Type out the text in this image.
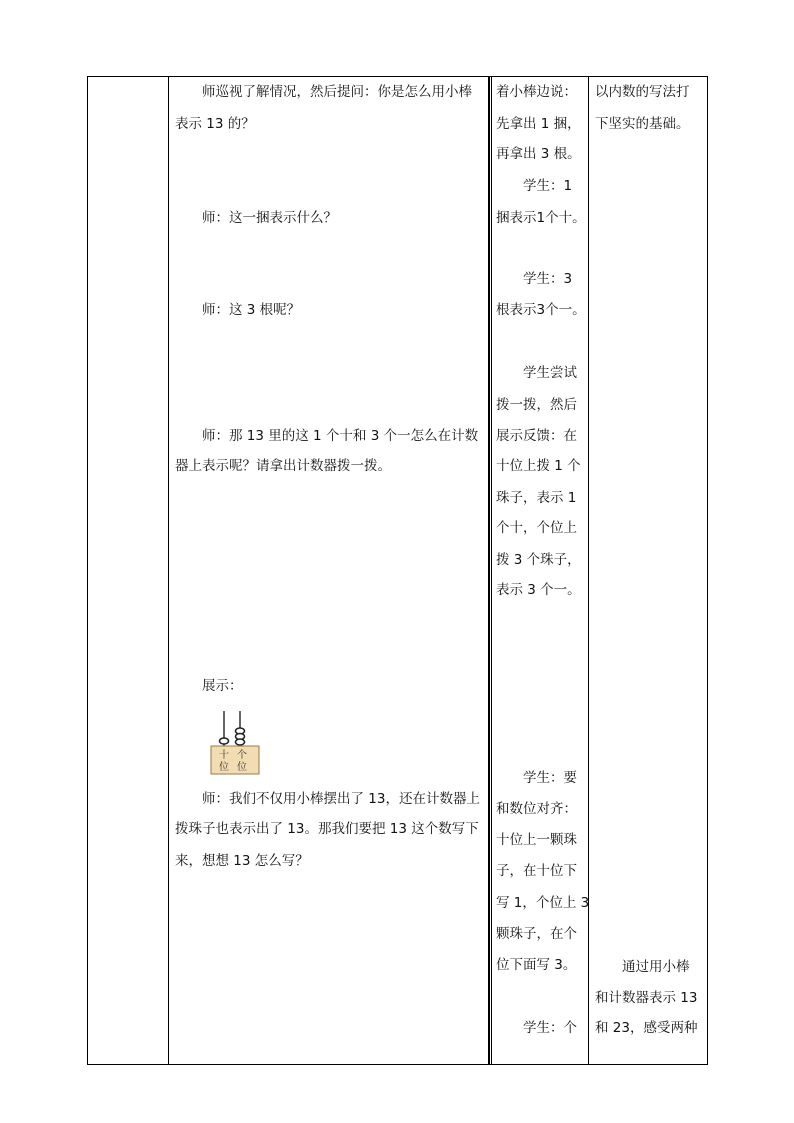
师巡视了解情况，然后提问：你是怎么用小棒
表示 13 的？
师：这一捆表示什么？
师：这 3 根呢？
师：那 13 里的这 1 个十和 3 个一怎么在计数
器上表示呢？请拿出计数器拨一拨。
展示：
十
位
个
位
师：我们不仅用小棒摆出了 13，还在计数器上
拨珠子也表示出了 13。那我们要把 13 这个数写下
来，想想 13 怎么写？
着小棒边说：
先拿出 1 捆，
再拿出 3 根。
学生：1
捆表示1个十。
学生：3
根表示3个一。
学生尝试
拨一拨，然后
展示反馈：在
十位上拨 1 个
珠子，表示 1
个十，个位上
拨 3 个珠子，
表示 3 个一。
学生：要
和数位对齐：
十位上一颗珠
子，在十位下
写 1，个位上 3
颗珠子，在个
位下面写 3。
学生：个
以内数的写法打
下坚实的基础。
通过用小棒
和计数器表示 13
和 23，感受两种
